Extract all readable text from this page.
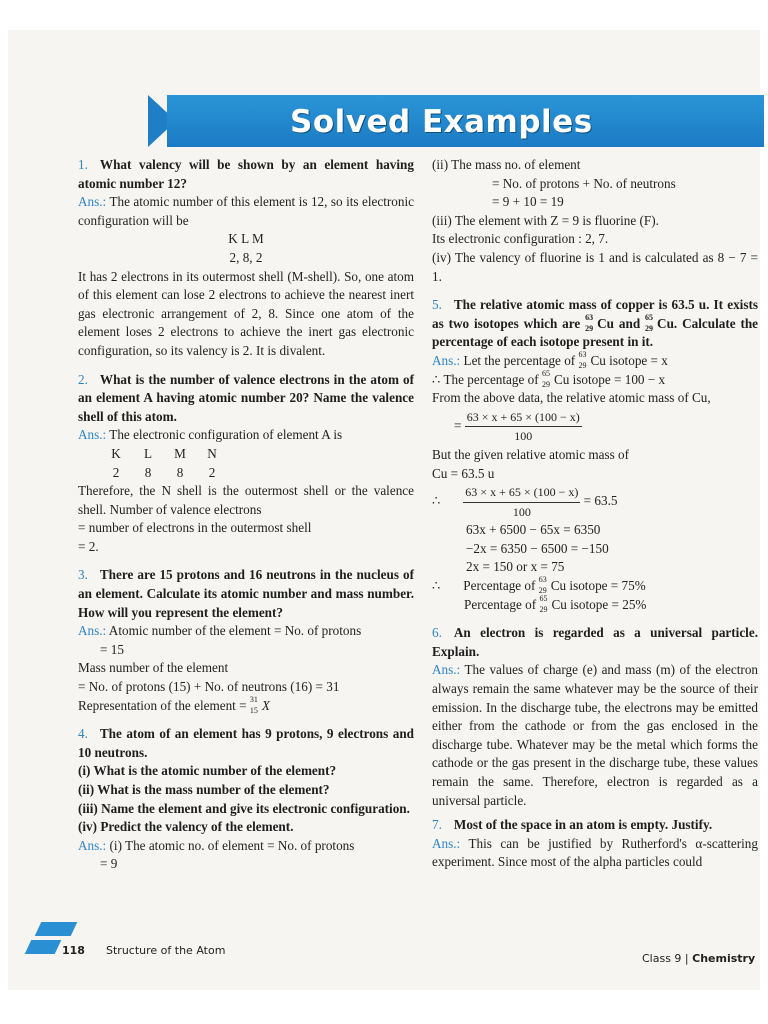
Solved Examples
1. What valency will be shown by an element having atomic number 12?
Ans.: The atomic number of this element is 12, so its electronic configuration will be
K L M
2, 8, 2
It has 2 electrons in its outermost shell (M-shell). So, one atom of this element can lose 2 electrons to achieve the nearest inert gas electronic arrangement of 2, 8. Since one atom of the element loses 2 electrons to achieve the inert gas electronic configuration, so its valency is 2. It is divalent.
2. What is the number of valence electrons in the atom of an element A having atomic number 20? Name the valence shell of this atom.
Ans.: The electronic configuration of element A is
K	L	M	N
2	8	8	2
Therefore, the N shell is the outermost shell or the valence shell. Number of valence electrons
= number of electrons in the outermost shell
= 2.
3. There are 15 protons and 16 neutrons in the nucleus of an element. Calculate its atomic number and mass number. How will you represent the element?
Ans.: Atomic number of the element = No. of protons
= 15
Mass number of the element
= No. of protons (15) + No. of neutrons (16) = 31
Representation of the element = 31
15 X
4. The atom of an element has 9 protons, 9 electrons and 10 neutrons.
(i) What is the atomic number of the element?
(ii) What is the mass number of the element?
(iii) Name the element and give its electronic configuration.
(iv) Predict the valency of the element.
Ans.: (i) The atomic no. of element = No. of protons
= 9
(ii) The mass no. of element
= No. of protons + No. of neutrons
= 9 + 10 = 19
(iii) The element with Z = 9 is fluorine (F).
Its electronic configuration : 2, 7.
(iv) The valency of fluorine is 1 and is calculated as 8 − 7 = 1.
5. The relative atomic mass of copper is 63.5 u. It exists as two isotopes which are 63
29 Cu and 65
29 Cu. Calculate the percentage of each isotope present in it.
Ans.: Let the percentage of 63
29 Cu isotope = x
∴ The percentage of 65
29 Cu isotope = 100 − x
From the above data, the relative atomic mass of Cu,
= $\frac{63 \times x + 65 \times (100 - x)}{100}$
But the given relative atomic mass of
Cu = 63.5 u
∴ $\frac{63 \times x + 65 \times (100 - x)}{100} = 63.5$
63x + 6500 − 65x = 6350
−2x = 6350 − 6500 = −150
2x = 150 or x = 75
∴ Percentage of 63
29 Cu isotope = 75%
Percentage of 65
29 Cu isotope = 25%
6. An electron is regarded as a universal particle. Explain.
Ans.: The values of charge (e) and mass (m) of the electron always remain the same whatever may be the source of their emission. In the discharge tube, the electrons may be emitted either from the cathode or from the gas enclosed in the discharge tube. Whatever may be the metal which forms the cathode or the gas present in the discharge tube, these values remain the same. Therefore, electron is regarded as a universal particle.
7. Most of the space in an atom is empty. Justify.
Ans.: This can be justified by Rutherford's α-scattering experiment. Since most of the alpha particles could
118 Structure of the Atom
Class 9 | Chemistry
